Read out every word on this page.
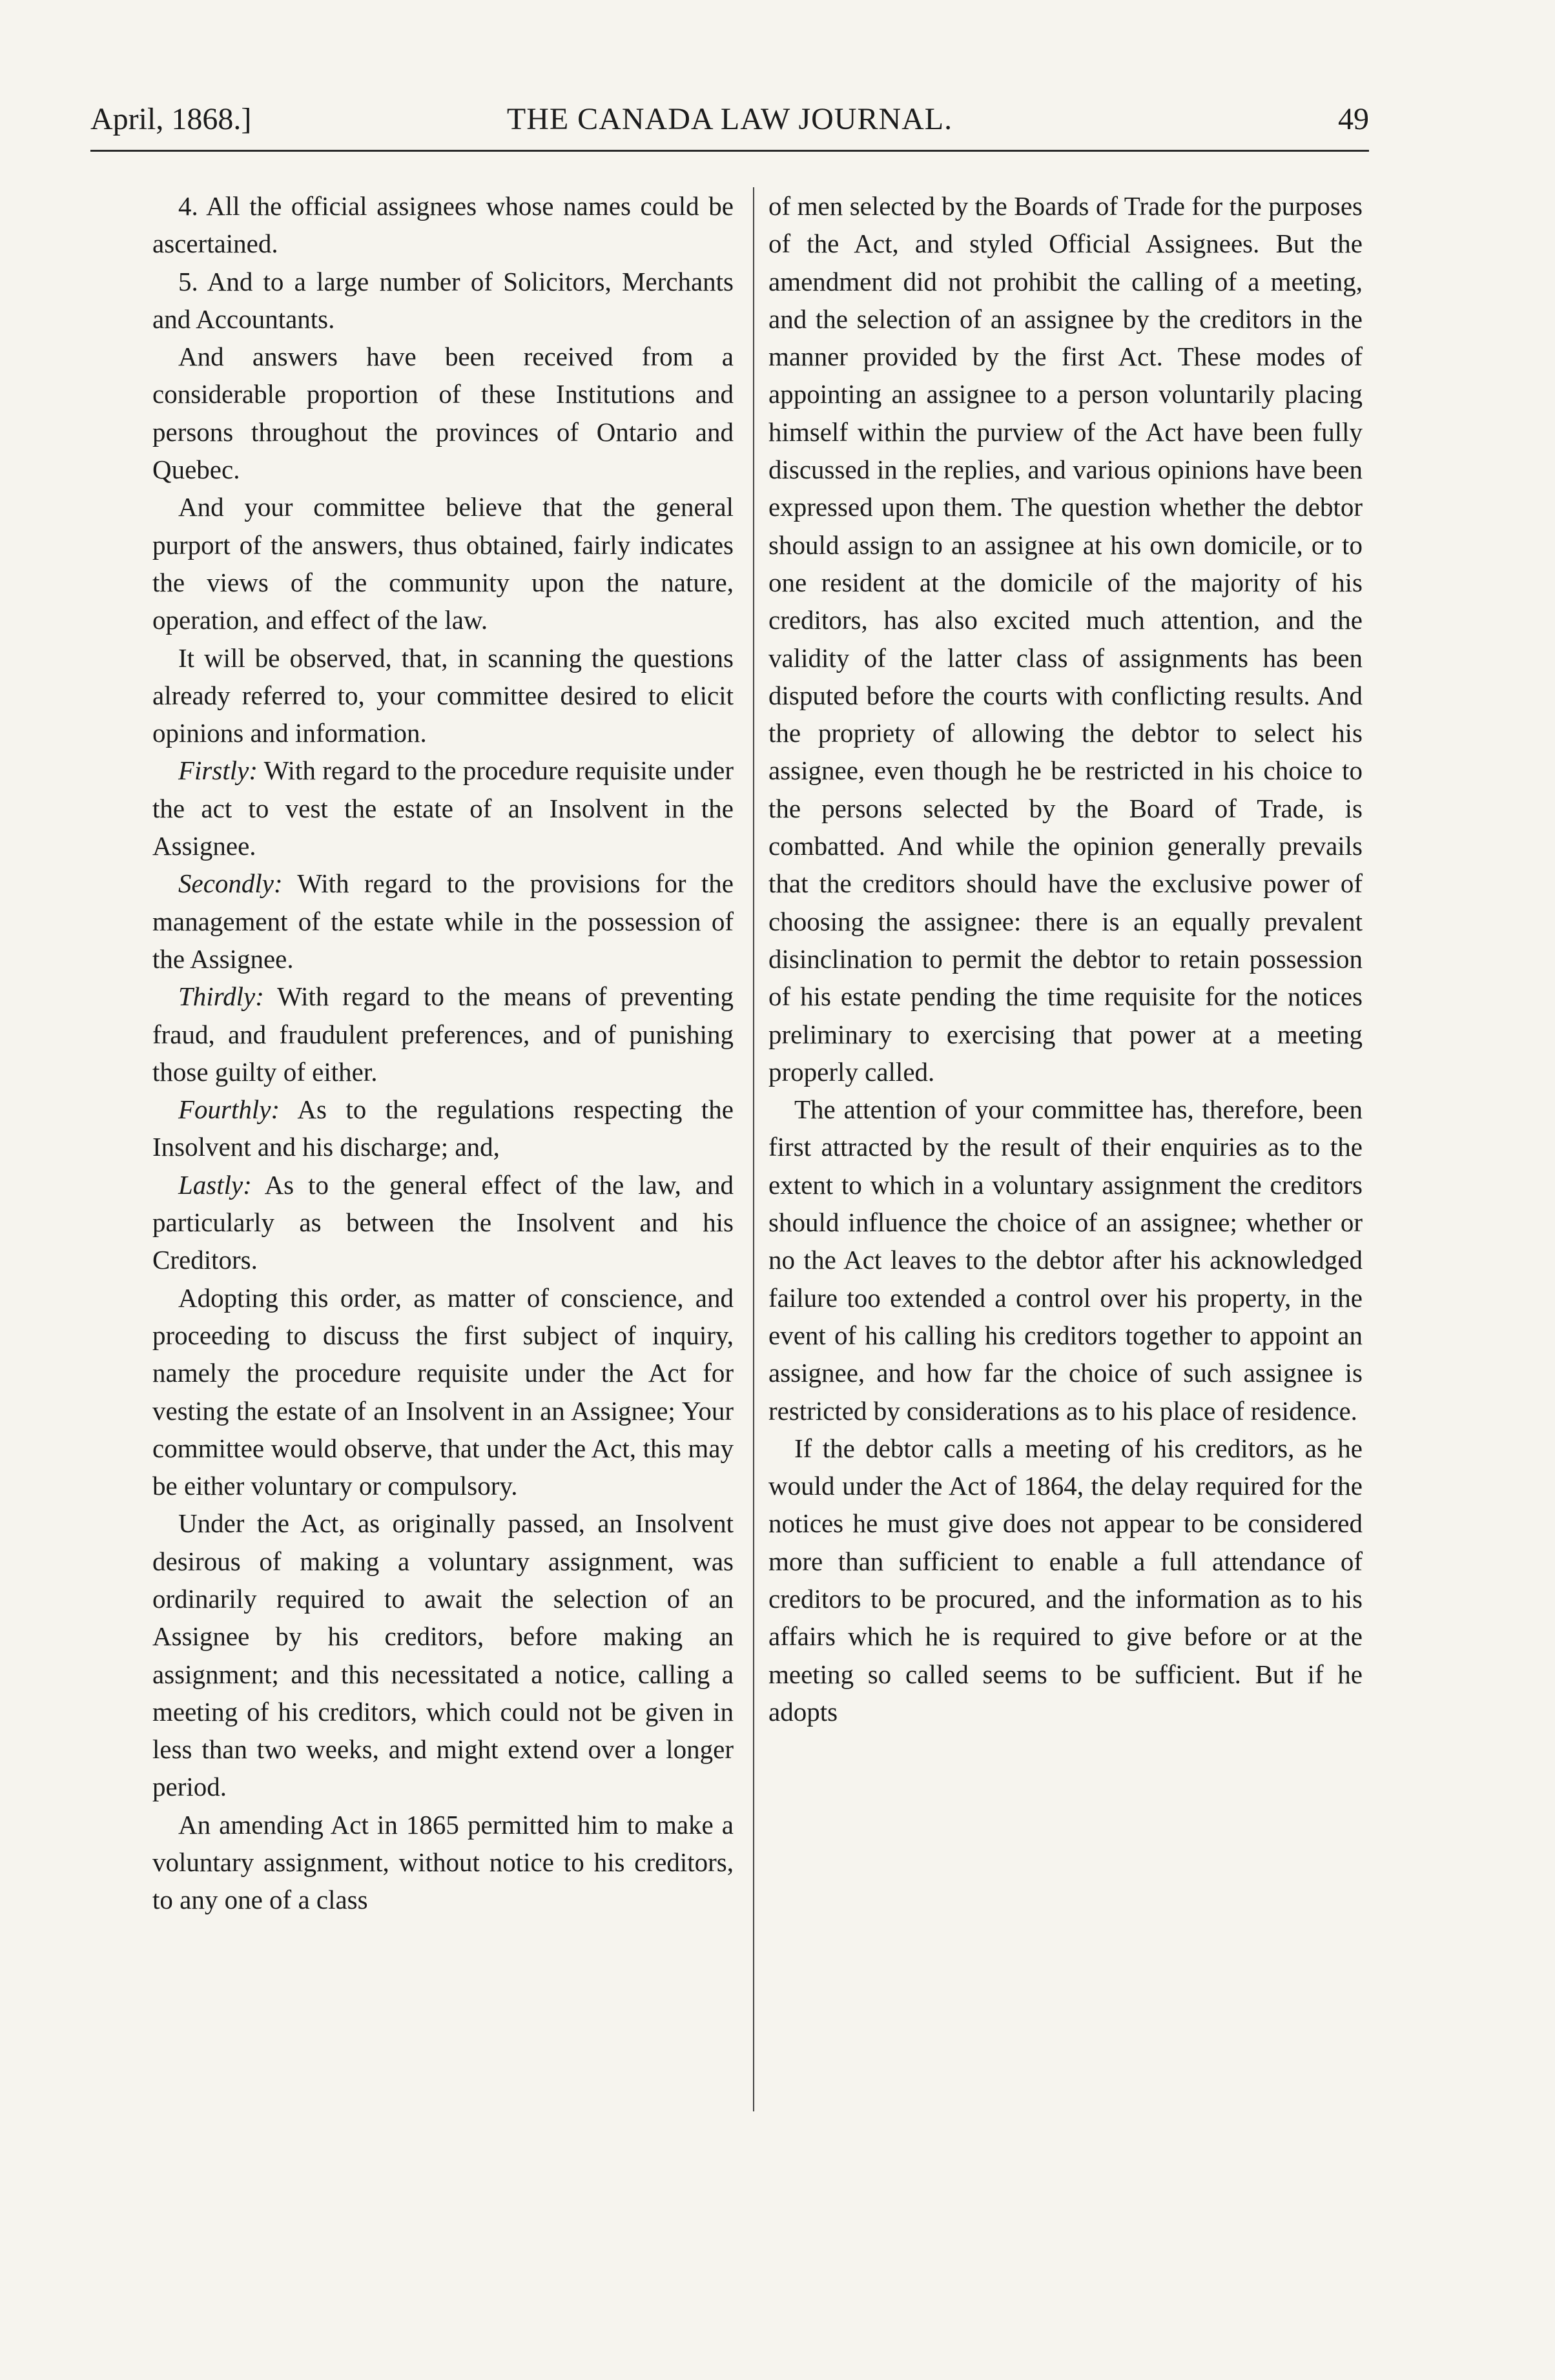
THE CANADA LAW JOURNAL.
April, 1868.]	49

4. All the official assignees whose names could be ascertained.

5. And to a large number of Solicitors, Merchants and Accountants.

And answers have been received from a considerable proportion of these Institutions and persons throughout the provinces of Ontario and Quebec.

And your committee believe that the general purport of the answers, thus obtained, fairly indicates the views of the community upon the nature, operation, and effect of the law.

It will be observed, that, in scanning the questions already referred to, your committee desired to elicit opinions and information.

Firstly: With regard to the procedure requisite under the act to vest the estate of an Insolvent in the Assignee.

Secondly: With regard to the provisions for the management of the estate while in the possession of the Assignee.

Thirdly: With regard to the means of preventing fraud, and fraudulent preferences, and of punishing those guilty of either.

Fourthly: As to the regulations respecting the Insolvent and his discharge; and,

Lastly: As to the general effect of the law, and particularly as between the Insolvent and his Creditors.

Adopting this order, as matter of conscience, and proceeding to discuss the first subject of inquiry, namely the procedure requisite under the Act for vesting the estate of an Insolvent in an Assignee; Your committee would observe, that under the Act, this may be either voluntary or compulsory.

Under the Act, as originally passed, an Insolvent desirous of making a voluntary assignment, was ordinarily required to await the selection of an Assignee by his creditors, before making an assignment; and this necessitated a notice, calling a meeting of his creditors, which could not be given in less than two weeks, and might extend over a longer period.

An amending Act in 1865 permitted him to make a voluntary assignment, without notice to his creditors, to any one of a class

of men selected by the Boards of Trade for the purposes of the Act, and styled Official Assignees. But the amendment did not prohibit the calling of a meeting, and the selection of an assignee by the creditors in the manner provided by the first Act. These modes of appointing an assignee to a person voluntarily placing himself within the purview of the Act have been fully discussed in the replies, and various opinions have been expressed upon them. The question whether the debtor should assign to an assignee at his own domicile, or to one resident at the domicile of the majority of his creditors, has also excited much attention, and the validity of the latter class of assignments has been disputed before the courts with conflicting results. And the propriety of allowing the debtor to select his assignee, even though he be restricted in his choice to the persons selected by the Board of Trade, is combatted. And while the opinion generally prevails that the creditors should have the exclusive power of choosing the assignee: there is an equally prevalent disinclination to permit the debtor to retain possession of his estate pending the time requisite for the notices preliminary to exercising that power at a meeting properly called.

The attention of your committee has, therefore, been first attracted by the result of their enquiries as to the extent to which in a voluntary assignment the creditors should influence the choice of an assignee; whether or no the Act leaves to the debtor after his acknowledged failure too extended a control over his property, in the event of his calling his creditors together to appoint an assignee, and how far the choice of such assignee is restricted by considerations as to his place of residence.

If the debtor calls a meeting of his creditors, as he would under the Act of 1864, the delay required for the notices he must give does not appear to be considered more than sufficient to enable a full attendance of creditors to be procured, and the information as to his affairs which he is required to give before or at the meeting so called seems to be sufficient. But if he adopts
